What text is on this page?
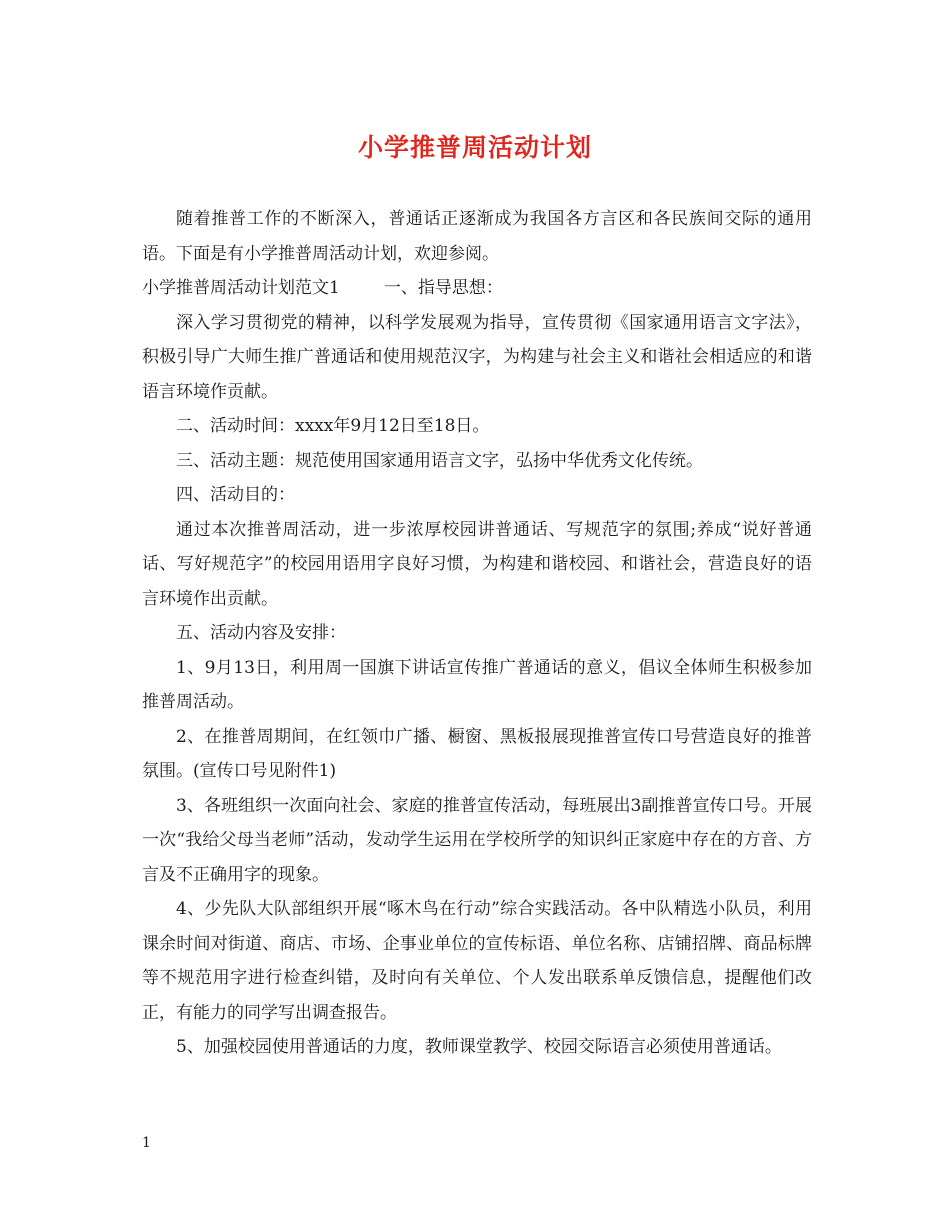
小学推普周活动计划

随着推普工作的不断深入，普通话正逐渐成为我国各方言区和各民族间交际的通用语。下面是有小学推普周活动计划，欢迎参阅。

小学推普周活动计划范文1	一、指导思想：

深入学习贯彻党的精神，以科学发展观为指导，宣传贯彻《国家通用语言文字法》，积极引导广大师生推广普通话和使用规范汉字，为构建与社会主义和谐社会相适应的和谐语言环境作贡献。

二、活动时间：xxxx年9月12日至18日。

三、活动主题：规范使用国家通用语言文字，弘扬中华优秀文化传统。

四、活动目的：

通过本次推普周活动，进一步浓厚校园讲普通话、写规范字的氛围;养成“说好普通话、写好规范字”的校园用语用字良好习惯，为构建和谐校园、和谐社会，营造良好的语言环境作出贡献。

五、活动内容及安排：

1、9月13日，利用周一国旗下讲话宣传推广普通话的意义，倡议全体师生积极参加推普周活动。

2、在推普周期间，在红领巾广播、橱窗、黑板报展现推普宣传口号营造良好的推普氛围。(宣传口号见附件1)

3、各班组织一次面向社会、家庭的推普宣传活动，每班展出3副推普宣传口号。开展一次“我给父母当老师”活动，发动学生运用在学校所学的知识纠正家庭中存在的方音、方言及不正确用字的现象。

4、少先队大队部组织开展“啄木鸟在行动”综合实践活动。各中队精选小队员，利用课余时间对街道、商店、市场、企事业单位的宣传标语、单位名称、店铺招牌、商品标牌等不规范用字进行检查纠错，及时向有关单位、个人发出联系单反馈信息，提醒他们改正，有能力的同学写出调查报告。

5、加强校园使用普通话的力度，教师课堂教学、校园交际语言必须使用普通话。

1
